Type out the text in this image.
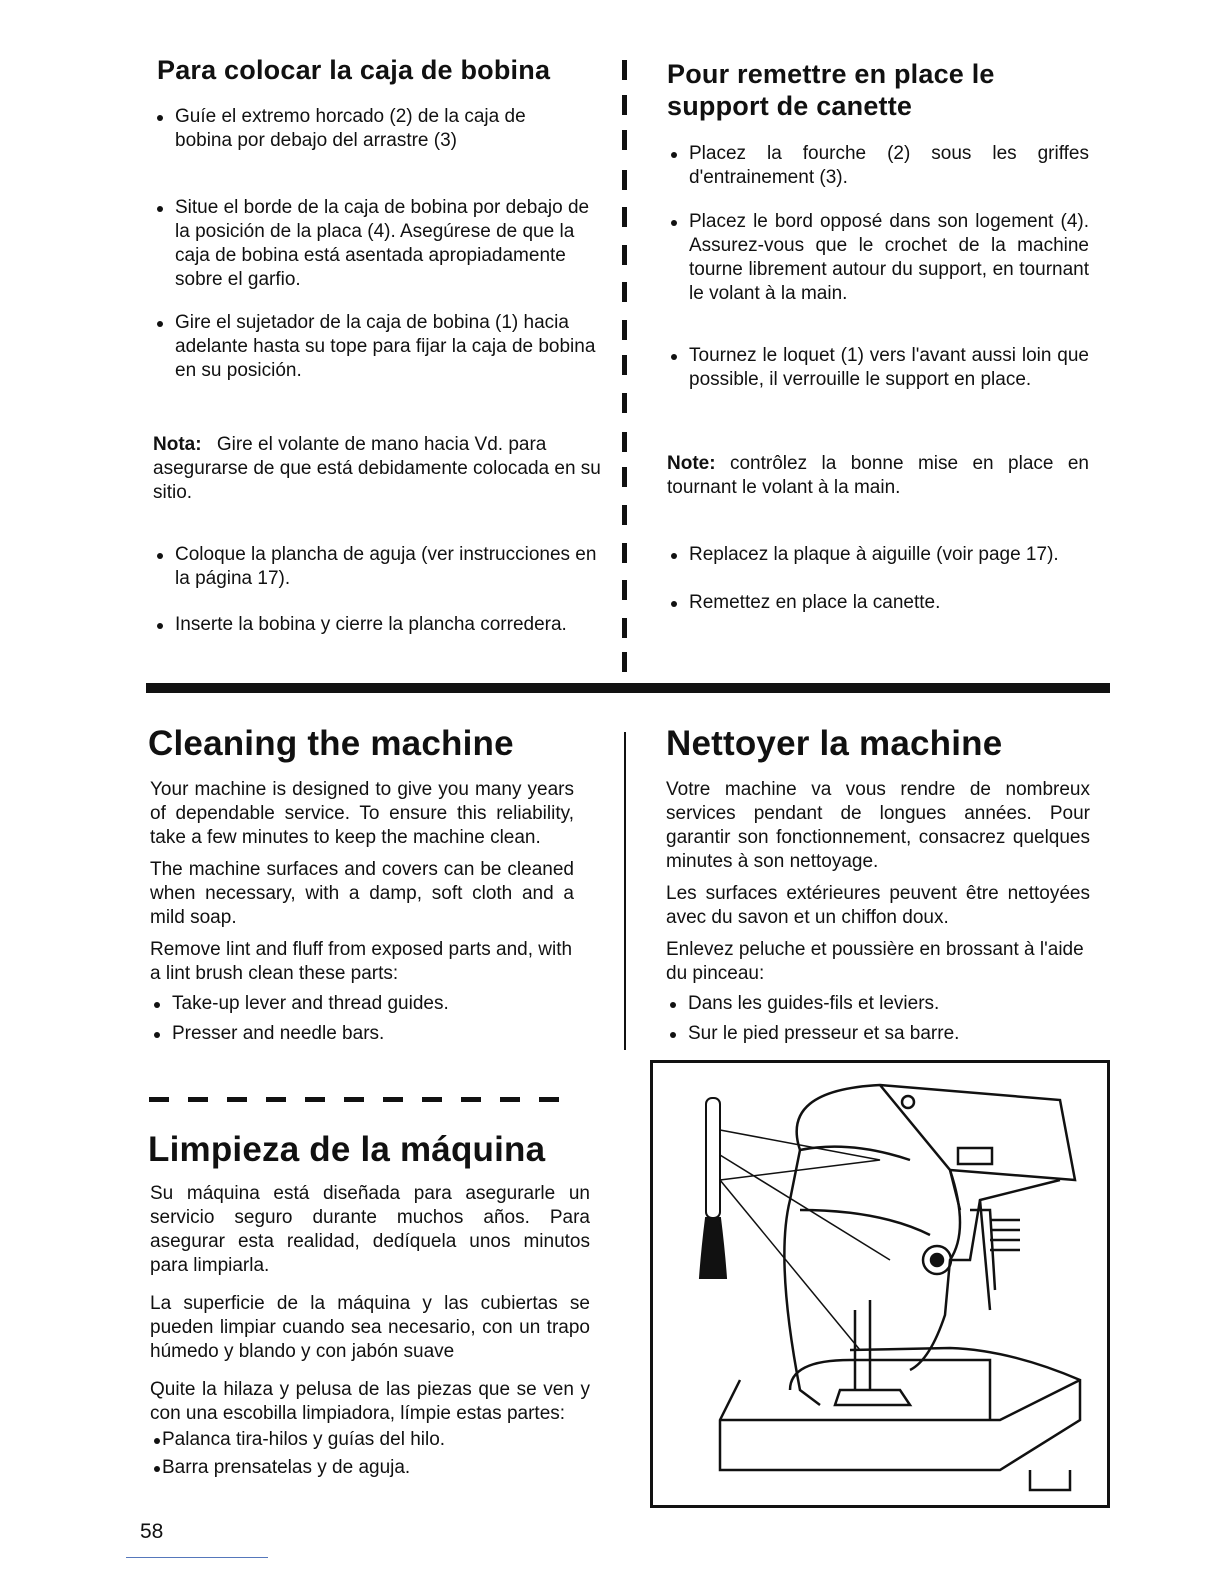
Para colocar la caja de bobina
Guíe el extremo horcado (2) de la caja de bobina por debajo del arrastre (3)
Situe el borde de la caja de bobina por debajo de la posición de la placa (4). Asegúrese de que la caja de bobina está asentada apropiadamente sobre el garfio.
Gire el sujetador de la caja de bobina (1) hacia adelante hasta su tope para fijar la caja de bobina en su posición.

Nota: Gire el volante de mano hacia Vd. para asegurarse de que está debidamente colocada en su sitio.

Coloque la plancha de aguja (ver instrucciones en la página 17).
Inserte la bobina y cierre la plancha corredera.
Pour remettre en place le support de canette
Placez la fourche (2) sous les griffes d'entrainement (3).
Placez le bord opposé dans son logement (4). Assurez-vous que le crochet de la machine tourne librement autour du support, en tournant le volant à la main.
Tournez le loquet (1) vers l'avant aussi loin que possible, il verrouille le support en place.

Note: contrôlez la bonne mise en place en tournant le volant à la main.

Replacez la plaque à aiguille (voir page 17).
Remettez en place la canette.
Cleaning the machine

Your machine is designed to give you many years of dependable service. To ensure this reliability, take a few minutes to keep the machine clean.

The machine surfaces and covers can be cleaned when necessary, with a damp, soft cloth and a mild soap.

Remove lint and fluff from exposed parts and, with a lint brush clean these parts:

Take-up lever and thread guides.
Presser and needle bars.
Limpieza de la máquina

Su máquina está diseñada para asegurarle un servicio seguro durante muchos años. Para asegurar esta realidad, dedíquela unos minutos para limpiarla.

La superficie de la máquina y las cubiertas se pueden limpiar cuando sea necesario, con un trapo húmedo y blando y con jabón suave

Quite la hilaza y pelusa de las piezas que se ven y con una escobilla limpiadora, límpie estas partes:

Palanca tira-hilos y guías del hilo.
Barra prensatelas y de aguja.
Nettoyer la machine

Votre machine va vous rendre de nombreux services pendant de longues années. Pour garantir son fonctionnement, consacrez quelques minutes à son nettoyage.

Les surfaces extérieures peuvent être nettoyées avec du savon et un chiffon doux.

Enlevez peluche et poussière en brossant à l'aide du pinceau:

Dans les guides-fils et leviers.
Sur le pied presseur et sa barre.
58
